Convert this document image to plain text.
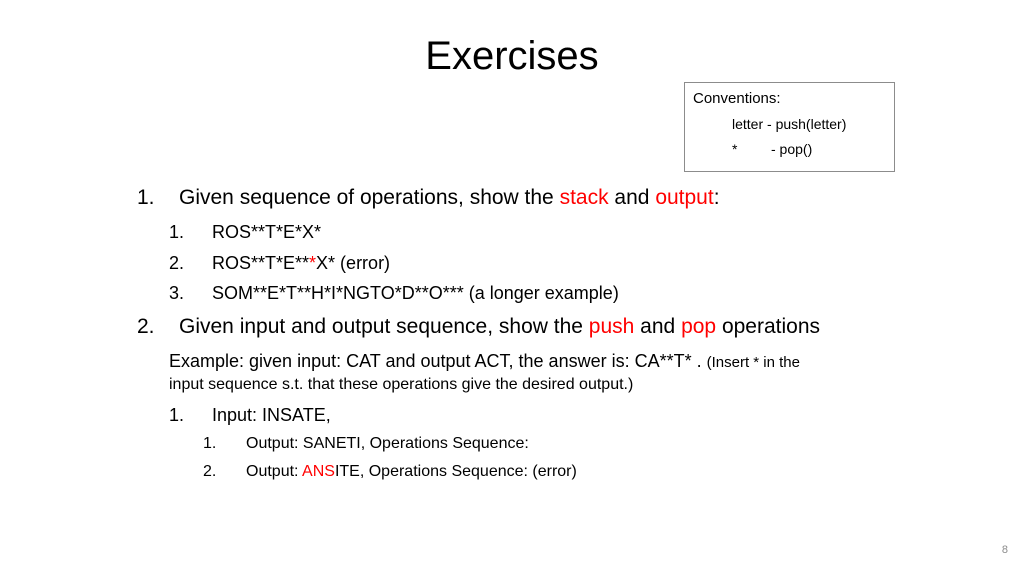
Exercises
Conventions:
letter - push(letter)
* - pop()
1. Given sequence of operations, show the stack and output:
1. ROS**T*E*X*
2. ROS**T*E***X* (error)
3. SOM**E*T**H*I*NGTO*D**O*** (a longer example)
2. Given input and output sequence, show the push and pop operations
Example: given input: CAT and output ACT, the answer is: CA**T* . (Insert * in the
input sequence s.t. that these operations give the desired output.)
1. Input: INSATE,
1. Output: SANETI, Operations Sequence:
2. Output: ANSITE, Operations Sequence: (error)
8
